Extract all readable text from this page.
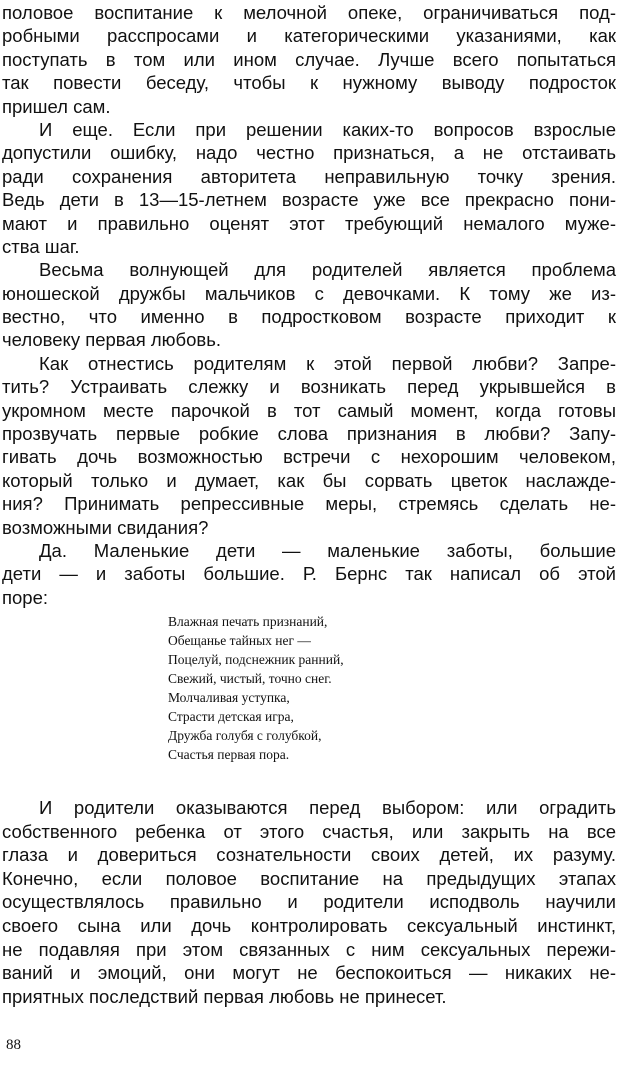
половое воспитание к мелочной опеке, ограничиваться под-
робными расспросами и категорическими указаниями, как
поступать в том или ином случае. Лучше всего попытаться
так повести беседу, чтобы к нужному выводу подросток
пришел сам.
И еще. Если при решении каких-то вопросов взрослые
допустили ошибку, надо честно признаться, а не отстаивать
ради сохранения авторитета неправильную точку зрения.
Ведь дети в 13—15-летнем возрасте уже все прекрасно пони-
мают и правильно оценят этот требующий немалого муже-
ства шаг.
Весьма волнующей для родителей является проблема
юношеской дружбы мальчиков с девочками. К тому же из-
вестно, что именно в подростковом возрасте приходит к
человеку первая любовь.
Как отнестись родителям к этой первой любви? Запре-
тить? Устраивать слежку и возникать перед укрывшейся в
укромном месте парочкой в тот самый момент, когда готовы
прозвучать первые робкие слова признания в любви? Запу-
гивать дочь возможностью встречи с нехорошим человеком,
который только и думает, как бы сорвать цветок наслажде-
ния? Принимать репрессивные меры, стремясь сделать не-
возможными свидания?
Да. Маленькие дети — маленькие заботы, большие
дети — и заботы большие. Р. Бернс так написал об этой
поре:
Влажная печать признаний,
Обещанье тайных нег —
Поцелуй, подснежник ранний,
Свежий, чистый, точно снег.
Молчаливая уступка,
Страсти детская игра,
Дружба голубя с голубкой,
Счастья первая пора.
И родители оказываются перед выбором: или оградить
собственного ребенка от этого счастья, или закрыть на все
глаза и довериться сознательности своих детей, их разуму.
Конечно, если половое воспитание на предыдущих этапах
осуществлялось правильно и родители исподволь научили
своего сына или дочь контролировать сексуальный инстинкт,
не подавляя при этом связанных с ним сексуальных пережи-
ваний и эмоций, они могут не беспокоиться — никаких не-
приятных последствий первая любовь не принесет.
88
